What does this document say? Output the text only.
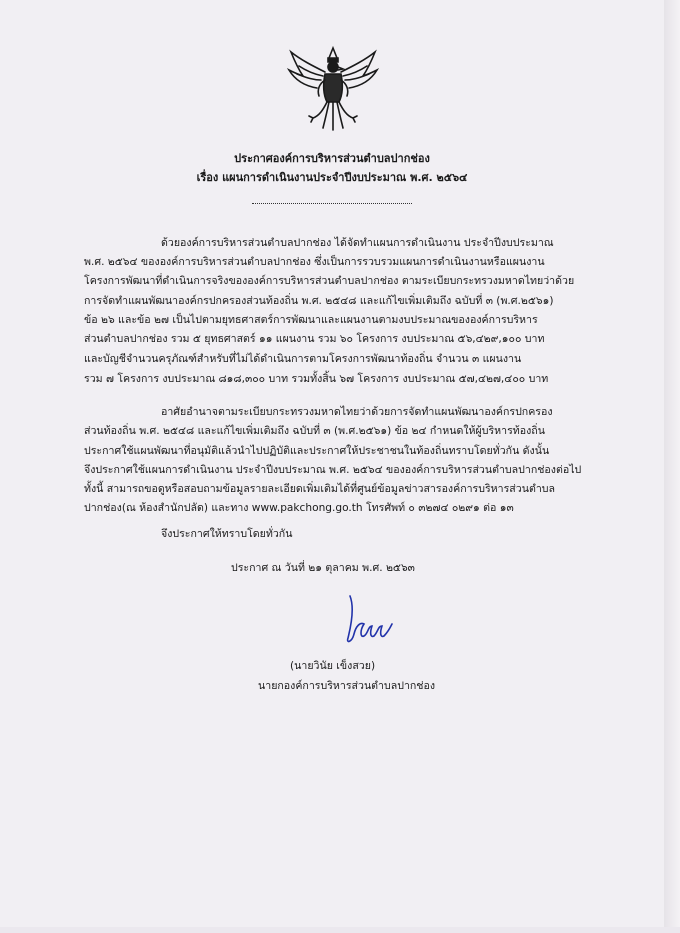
ประกาศองค์การบริหารส่วนตำบลปากช่อง
เรื่อง แผนการดำเนินงานประจำปีงบประมาณ พ.ศ. ๒๕๖๔
ด้วยองค์การบริหารส่วนตำบลปากช่อง ได้จัดทำแผนการดำเนินงาน ประจำปีงบประมาณ
พ.ศ. ๒๕๖๔ ขององค์การบริหารส่วนตำบลปากช่อง ซึ่งเป็นการรวบรวมแผนการดำเนินงานหรือแผนงาน
โครงการพัฒนาที่ดำเนินการจริงขององค์การบริหารส่วนตำบลปากช่อง ตามระเบียบกระทรวงมหาดไทยว่าด้วย
การจัดทำแผนพัฒนาองค์กรปกครองส่วนท้องถิ่น พ.ศ. ๒๕๔๘ และแก้ไขเพิ่มเติมถึง ฉบับที่ ๓ (พ.ศ.๒๕๖๑)
ข้อ ๒๖ และข้อ ๒๗ เป็นไปตามยุทธศาสตร์การพัฒนาและแผนงานตามงบประมาณขององค์การบริหาร
ส่วนตำบลปากช่อง รวม ๕ ยุทธศาสตร์ ๑๑ แผนงาน รวม ๖๐ โครงการ งบประมาณ ๕๖,๔๒๙,๑๐๐ บาท
และบัญชีจำนวนครุภัณฑ์สำหรับที่ไม่ได้ดำเนินการตามโครงการพัฒนาท้องถิ่น จำนวน ๓ แผนงาน
รวม ๗ โครงการ งบประมาณ ๘๑๘,๓๐๐ บาท รวมทั้งสิ้น ๖๗ โครงการ งบประมาณ ๕๗,๔๒๗,๔๐๐ บาท
อาศัยอำนาจตามระเบียบกระทรวงมหาดไทยว่าด้วยการจัดทำแผนพัฒนาองค์กรปกครอง
ส่วนท้องถิ่น พ.ศ. ๒๕๔๘ และแก้ไขเพิ่มเติมถึง ฉบับที่ ๓ (พ.ศ.๒๕๖๑) ข้อ ๒๔ กำหนดให้ผู้บริหารท้องถิ่น
ประกาศใช้แผนพัฒนาที่อนุมัติแล้วนำไปปฏิบัติและประกาศให้ประชาชนในท้องถิ่นทราบโดยทั่วกัน ดังนั้น
จึงประกาศใช้แผนการดำเนินงาน ประจำปีงบประมาณ พ.ศ. ๒๕๖๔ ขององค์การบริหารส่วนตำบลปากช่องต่อไป
ทั้งนี้ สามารถขอดูหรือสอบถามข้อมูลรายละเอียดเพิ่มเติมได้ที่ศูนย์ข้อมูลข่าวสารองค์การบริหารส่วนตำบล
ปากช่อง(ณ ห้องสำนักปลัด) และทาง www.pakchong.go.th โทรศัพท์ ๐ ๓๒๗๔ ๐๒๙๑ ต่อ ๑๓
จึงประกาศให้ทราบโดยทั่วกัน
ประกาศ ณ วันที่ ๒๑ ตุลาคม พ.ศ. ๒๕๖๓
(นายวินัย เข็งสวย)
นายกองค์การบริหารส่วนตำบลปากช่อง
